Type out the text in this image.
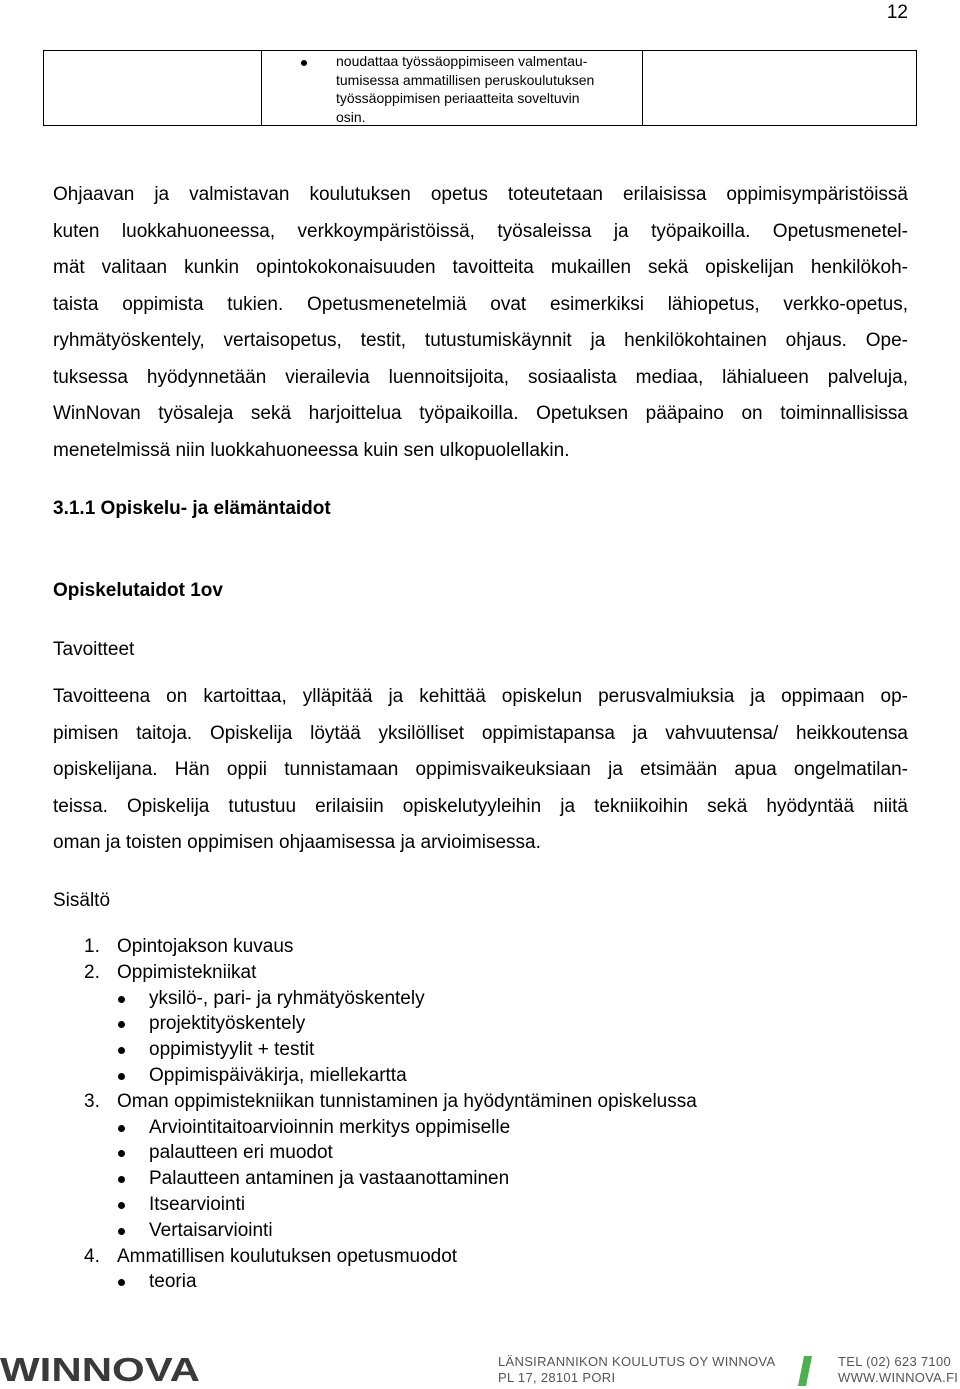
12
noudattaa työssäoppimiseen valmentau-
tumisessa ammatillisen peruskoulutuksen
työssäoppimisen periaatteita soveltuvin
osin.
Ohjaavan ja valmistavan koulutuksen opetus toteutetaan erilaisissa oppimisympäristöissä
kuten luokkahuoneessa, verkkoympäristöissä, työsaleissa ja työpaikoilla. Opetusmenetel-
mät valitaan kunkin opintokokonaisuuden tavoitteita mukaillen sekä opiskelijan henkilökoh-
taista oppimista tukien. Opetusmenetelmiä ovat esimerkiksi lähiopetus, verkko-opetus,
ryhmätyöskentely, vertaisopetus, testit, tutustumiskäynnit ja henkilökohtainen ohjaus. Ope-
tuksessa hyödynnetään vierailevia luennoitsijoita, sosiaalista mediaa, lähialueen palveluja,
WinNovan työsaleja sekä harjoittelua työpaikoilla. Opetuksen pääpaino on toiminnallisissa
menetelmissä niin luokkahuoneessa kuin sen ulkopuolellakin.
3.1.1 Opiskelu- ja elämäntaidot
Opiskelutaidot 1ov

Tavoitteet

Tavoitteena on kartoittaa, ylläpitää ja kehittää opiskelun perusvalmiuksia ja oppimaan op-
pimisen taitoja. Opiskelija löytää yksilölliset oppimistapansa ja vahvuutensa/ heikkoutensa
opiskelijana. Hän oppii tunnistamaan oppimisvaikeuksiaan ja etsimään apua ongelmatilan-
teissa. Opiskelija tutustuu erilaisiin opiskelutyyleihin ja tekniikoihin sekä hyödyntää niitä
oman ja toisten oppimisen ohjaamisessa ja arvioimisessa.

Sisältö

1. Opintojakson kuvaus
2. Oppimistekniikat
yksilö-, pari- ja ryhmätyöskentely
projektityöskentely
oppimistyylit + testit
Oppimispäiväkirja, miellekartta
3. Oman oppimistekniikan tunnistaminen ja hyödyntäminen opiskelussa
Arviointitaitoarvioinnin merkitys oppimiselle
palautteen eri muodot
Palautteen antaminen ja vastaanottaminen
Itsearviointi
Vertaisarviointi
4. Ammatillisen koulutuksen opetusmuodot
teoria
WINNOVA	LÄNSIRANNIKON KOULUTUS OY WINNOVA
PL 17, 28101 PORI
TEL (02) 623 7100
WWW.WINNOVA.FI
